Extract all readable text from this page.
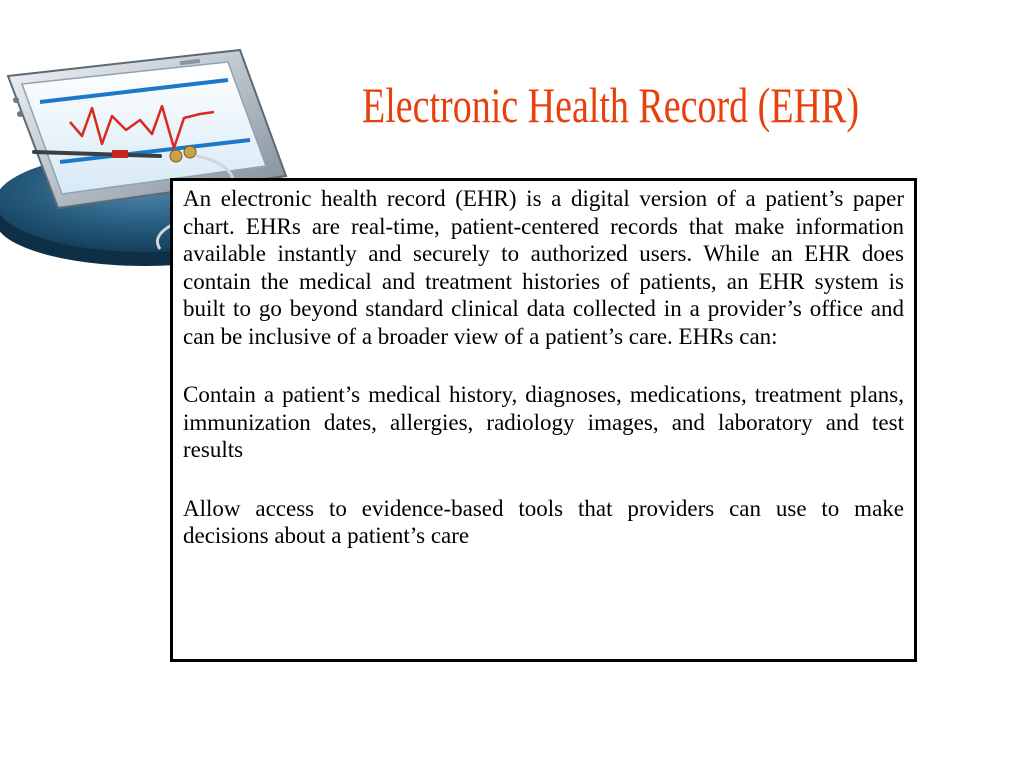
Electronic Health Record (EHR)

An electronic health record (EHR) is a digital version of a patient’s paper chart. EHRs are real-time, patient-centered records that make information available instantly and securely to authorized users. While an EHR does contain the medical and treatment histories of patients, an EHR system is built to go beyond standard clinical data collected in a provider’s office and can be inclusive of a broader view of a patient’s care. EHRs can:

Contain a patient’s medical history, diagnoses, medications, treatment plans, immunization dates, allergies, radiology images, and laboratory and test results

Allow access to evidence-based tools that providers can use to make decisions about a patient’s care
